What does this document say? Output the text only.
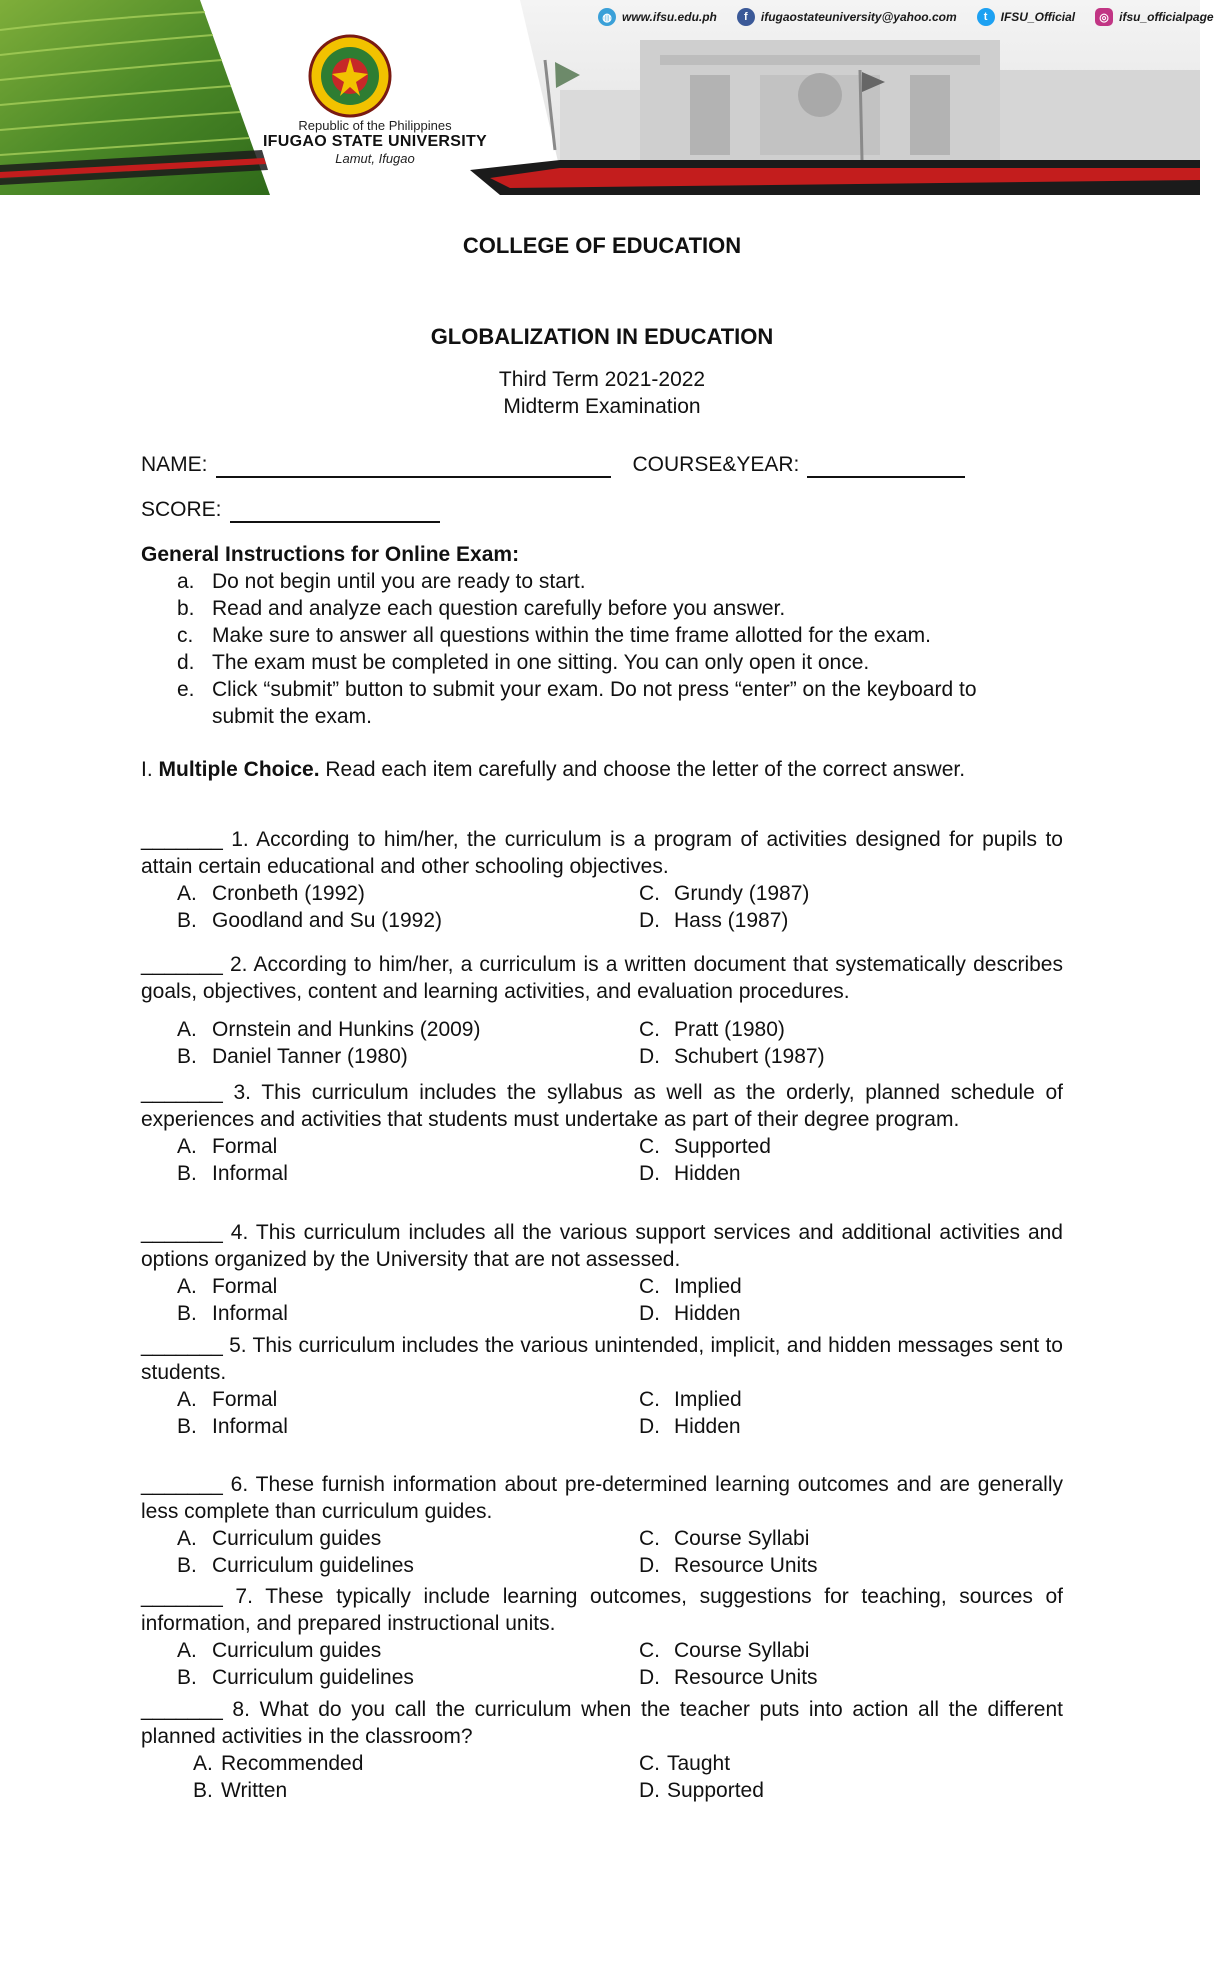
◍ www.ifsu.edu.ph	f	ifugaostateuniversity@yahoo.com	t	IFSU_Official	◎ ifsu_officialpage
Republic of the Philippines
IFUGAO STATE UNIVERSITY
Lamut, Ifugao
COLLEGE OF EDUCATION
GLOBALIZATION IN EDUCATION
Third Term 2021-2022
Midterm Examination
NAME:	COURSE&YEAR:
SCORE:
General Instructions for Online Exam:
a. Do not begin until you are ready to start.
b. Read and analyze each question carefully before you answer.
c. Make sure to answer all questions within the time frame allotted for the exam.
d. The exam must be completed in one sitting. You can only open it once.
e. Click “submit” button to submit your exam. Do not press “enter” on the keyboard to submit the exam.
I. Multiple Choice. Read each item carefully and choose the letter of the correct answer.
_______ 1. According to him/her, the curriculum is a program of activities designed for pupils to attain certain educational and other schooling objectives.
A. Cronbeth (1992)	C. Grundy (1987)
B. Goodland and Su (1992)	D. Hass (1987)
_______ 2. According to him/her, a curriculum is a written document that systematically describes goals, objectives, content and learning activities, and evaluation procedures.
A. Ornstein and Hunkins (2009)	C. Pratt (1980)
B. Daniel Tanner (1980)	D. Schubert (1987)
_______ 3. This curriculum includes the syllabus as well as the orderly, planned schedule of experiences and activities that students must undertake as part of their degree program.
A. Formal	C. Supported
B. Informal	D. Hidden
_______ 4. This curriculum includes all the various support services and additional activities and options organized by the University that are not assessed.
A. Formal	C. Implied
B. Informal	D. Hidden
_______ 5. This curriculum includes the various unintended, implicit, and hidden messages sent to students.
A. Formal	C. Implied
B. Informal	D. Hidden
_______ 6. These furnish information about pre-determined learning outcomes and are generally less complete than curriculum guides.
A. Curriculum guides	C. Course Syllabi
B. Curriculum guidelines	D. Resource Units
_______ 7. These typically include learning outcomes, suggestions for teaching, sources of information, and prepared instructional units.
A. Curriculum guides	C. Course Syllabi
B. Curriculum guidelines	D. Resource Units
_______ 8. What do you call the curriculum when the teacher puts into action all the different planned activities in the classroom?
A. Recommended	C. Taught
B. Written	D. Supported
